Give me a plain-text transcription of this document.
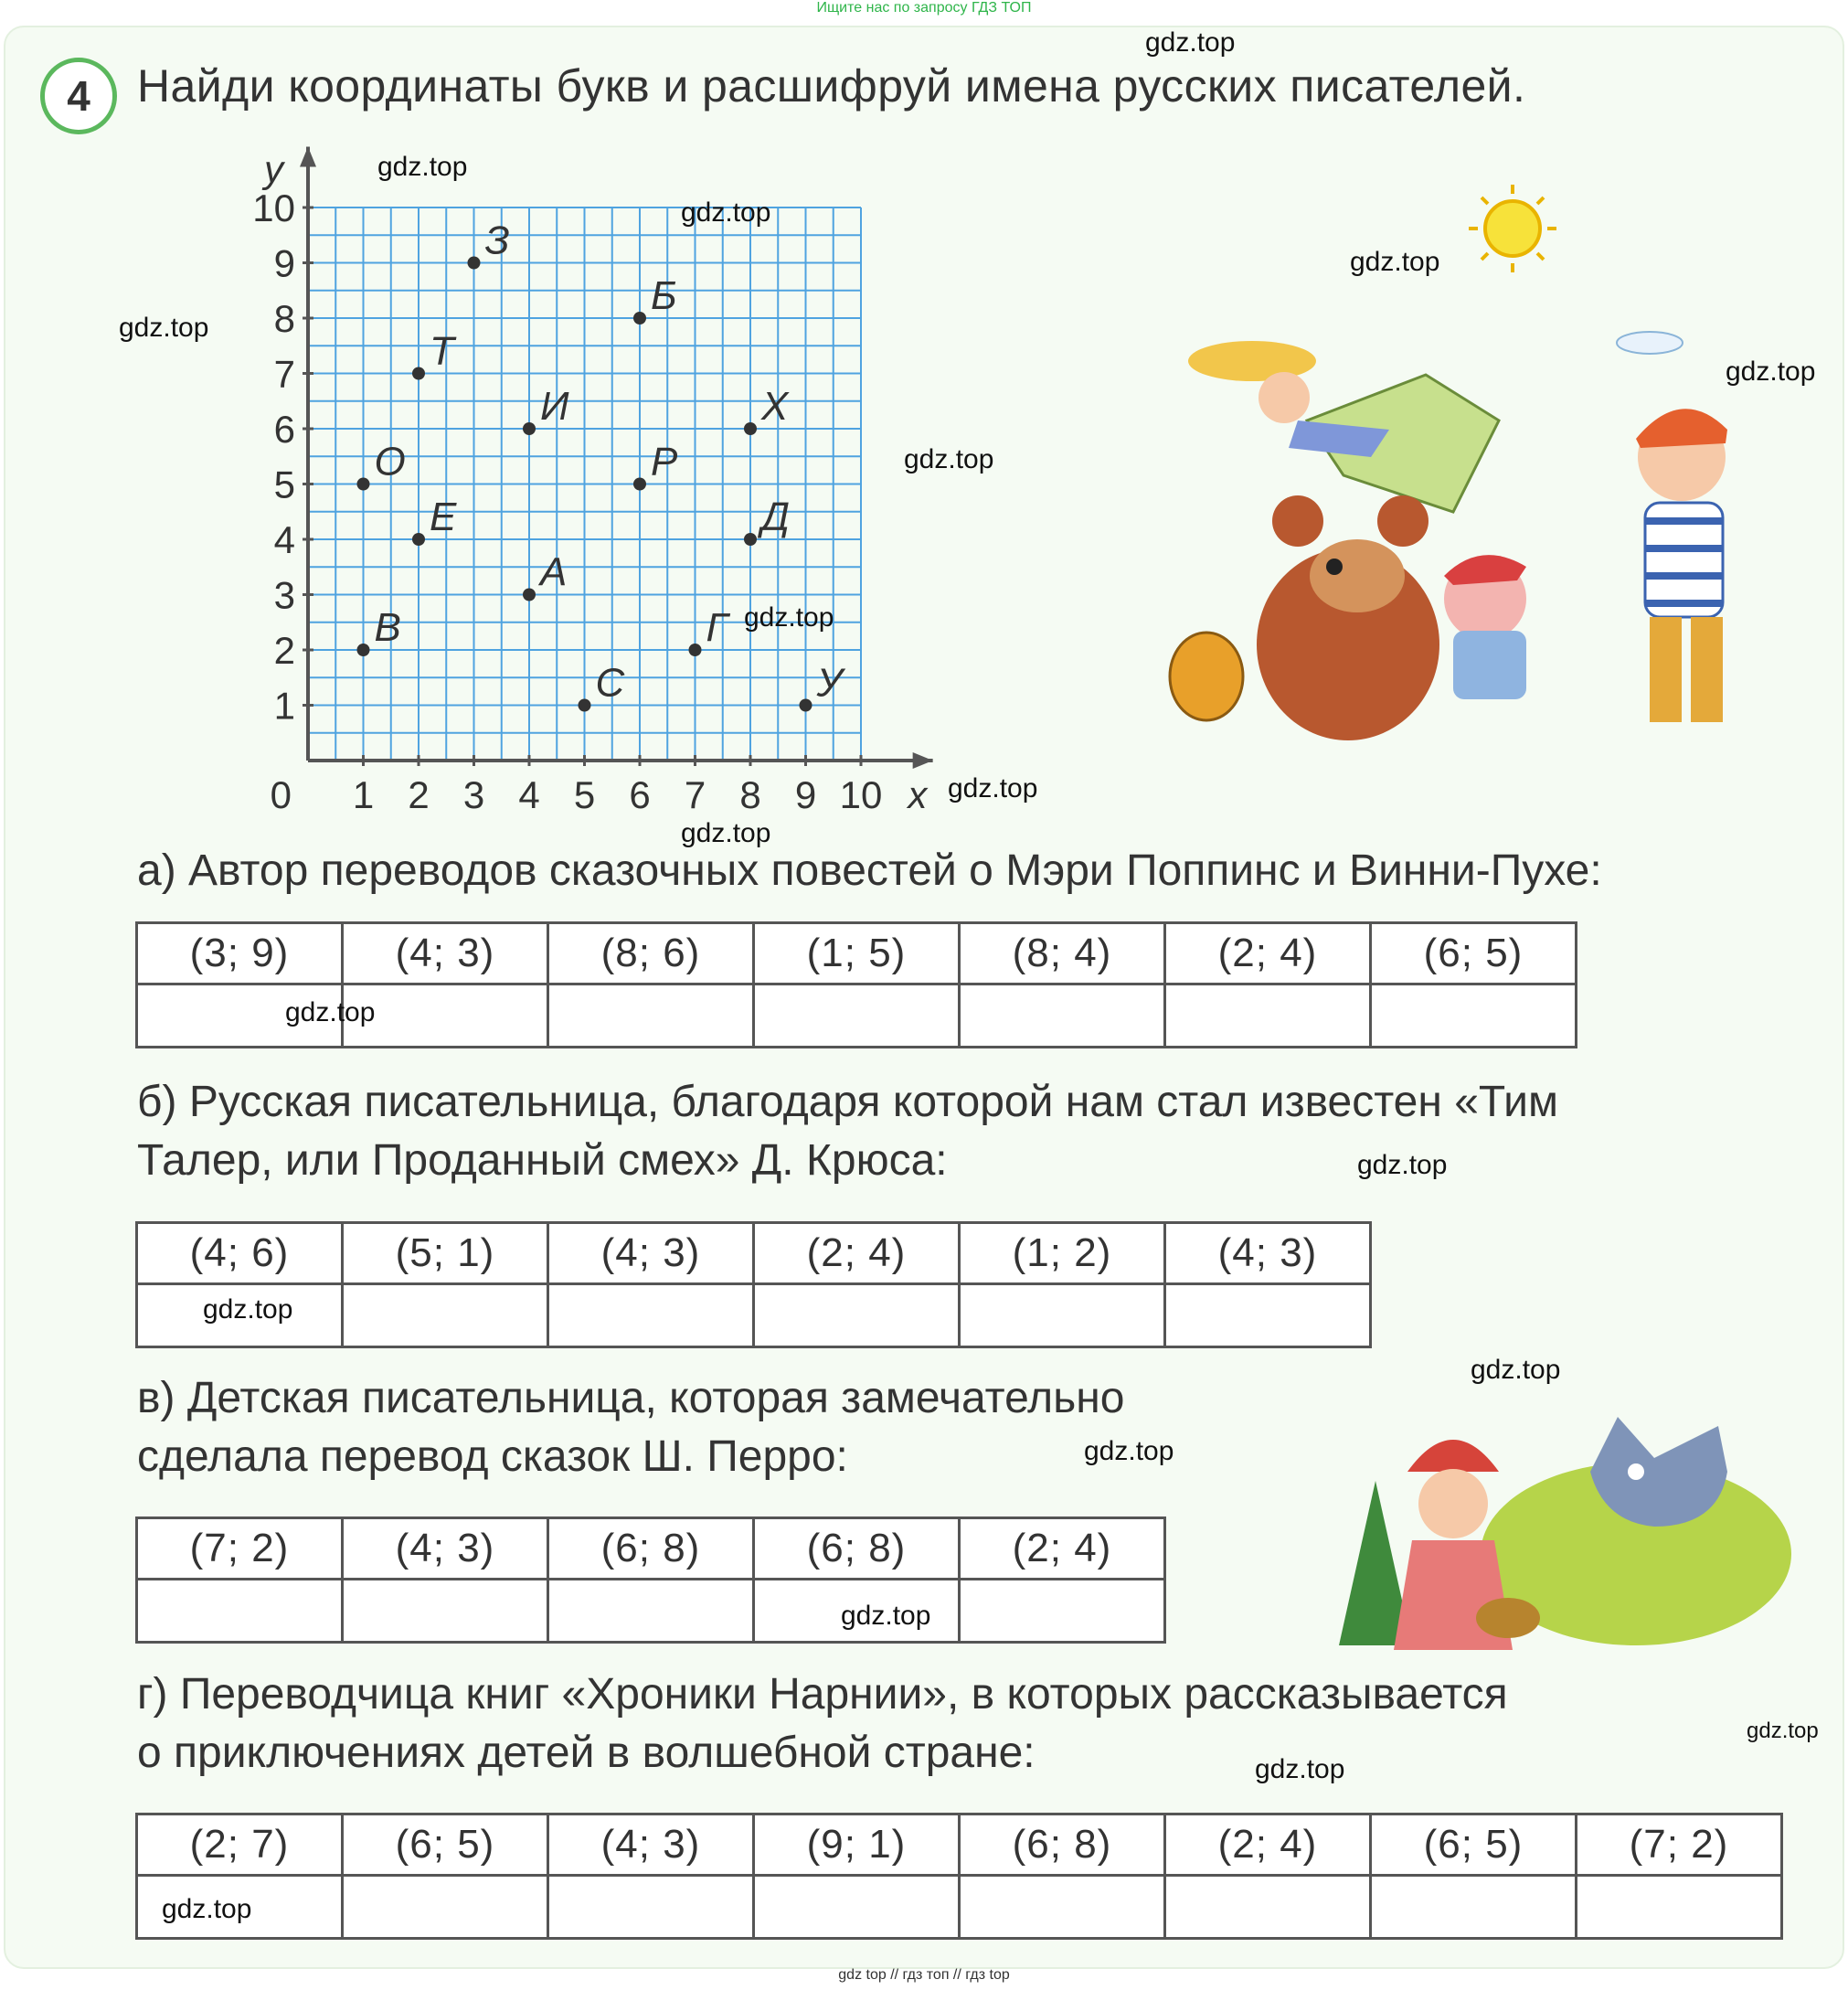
Ищите нас по запросу ГДЗ ТОП
4	Найди координаты букв и расшифруй имена русских писателей.
1 2 3 4 5 6 7 8 9 10
1
2
3
4
5
6
7
8
9
10
0	x
y
З
Б
Т
И	Х
О	Р
Е	Д
А
В	Г
С	У
а) Автор переводов сказочных повестей о Мэри Поппинс и Винни-Пухе:
(3; 9)	(4; 3)	(8; 6)	(1; 5)	(8; 4)	(2; 4)	(6; 5)

б) Русская писательница, благодаря которой нам стал известен «Тим
Талер, или Проданный смех» Д. Крюса:
(4; 6)	(5; 1)	(4; 3)	(2; 4)	(1; 2)	(4; 3)

в) Детская писательница, которая замечательно
сделала перевод сказок Ш. Перро:
(7; 2)	(4; 3)	(6; 8)	(6; 8)	(2; 4)

г) Переводчица книг «Хроники Нарнии», в которых рассказывается
о приключениях детей в волшебной стране:
(2; 7)	(6; 5)	(4; 3)	(9; 1)	(6; 8)	(2; 4)	(6; 5)	(7; 2)

gdz.top
gdz.top
gdz.top
gdz.top
gdz.top
gdz.top
gdz.top
gdz.top
gdz.top
gdz.top
gdz.top
gdz.top
gdz.top
gdz.top
gdz.top
gdz.top
gdz.top
gdz.top
gdz.top
gdz top // гдз топ // гдз top
